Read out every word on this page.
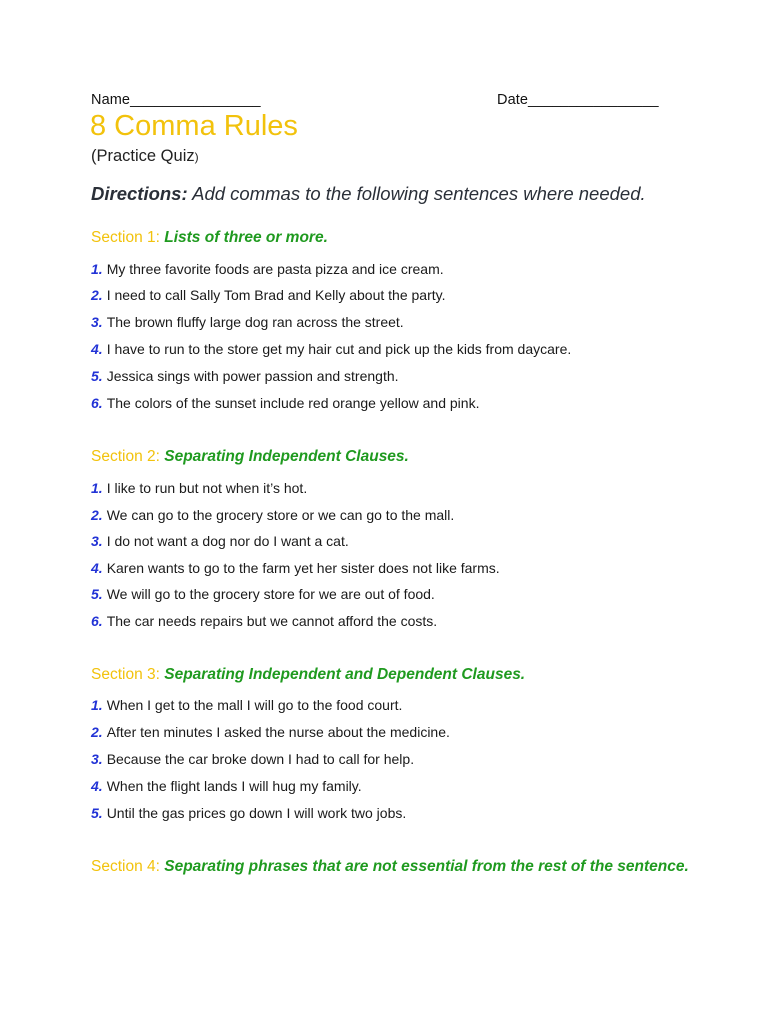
Name________________	Date________________
8 Comma Rules
(Practice Quiz)
Directions: Add commas to the following sentences where needed.
Section 1: Lists of three or more.
1. My three favorite foods are pasta pizza and ice cream.
2. I need to call Sally Tom Brad and Kelly about the party.
3. The brown fluffy large dog ran across the street.
4. I have to run to the store get my hair cut and pick up the kids from daycare.
5. Jessica sings with power passion and strength.
6. The colors of the sunset include red orange yellow and pink.
Section 2: Separating Independent Clauses.
1. I like to run but not when it’s hot.
2. We can go to the grocery store or we can go to the mall.
3. I do not want a dog nor do I want a cat.
4. Karen wants to go to the farm yet her sister does not like farms.
5. We will go to the grocery store for we are out of food.
6. The car needs repairs but we cannot afford the costs.
Section 3: Separating Independent and Dependent Clauses.
1. When I get to the mall I will go to the food court.
2. After ten minutes I asked the nurse about the medicine.
3. Because the car broke down I had to call for help.
4. When the flight lands I will hug my family.
5. Until the gas prices go down I will work two jobs.
Section 4: Separating phrases that are not essential from the rest of the sentence.
